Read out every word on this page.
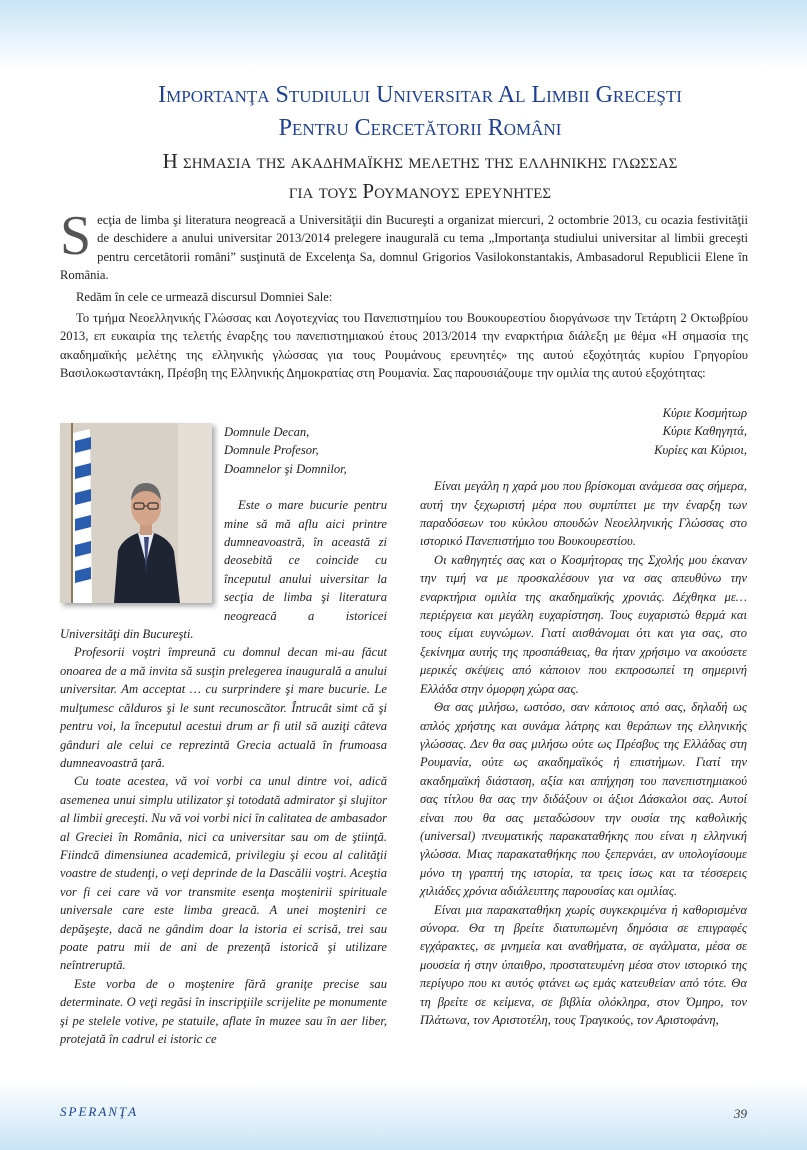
Importanţa Studiului Universitar Al Limbii Greceşti
Pentru Cercetătorii Români
Η σημασια της ακαδημαϊκης μελετης της ελληνικης γλωσσας
για τους Ρουμανους ερευνητες

Secţia de limba şi literatura neogreacă a Universităţii din Bucureşti a organizat miercuri, 2 octombrie 2013, cu ocazia festivităţii de deschidere a anului universitar 2013/2014 prelegere inaugurală cu tema „Importanţa studiului universitar al limbii greceşti pentru cercetătorii români” susţinută de Excelenţa Sa, domnul Grigorios Vasilokonstantakis, Ambasadorul Republicii Elene în România.

Redăm în cele ce urmează discursul Domniei Sale:

Το τμήμα Νεοελληνικής Γλώσσας και Λογοτεχνίας του Πανεπιστημίου του Βουκουρεστίου διοργάνωσε την Τετάρτη 2 Οκτωβρίου 2013, επ ευκαιρία της τελετής έναρξης του πανεπιστημιακού έτους 2013/2014 την εναρκτήρια διάλεξη με θέμα «Η σημασία της ακαδημαϊκής μελέτης της ελληνικής γλώσσας για τους Ρουμάνους ερευνητές» της αυτού εξοχότητάς κυρίου Γρηγορίου Βασιλοκωσταντάκη, Πρέσβη της Ελληνικής Δημοκρατίας στη Ρουμανία. Σας παρουσιάζουμε την ομιλία της αυτού εξοχότητας:

Domnule Decan,

Domnule Profesor,

Doamnelor şi Domnilor,

Este o mare bucurie pentru mine să mă aflu aici printre dumneavoastră, în această zi deosebită ce coincide cu începutul anului uiversitar la secţia de limba şi literatura neogreacă a istoricei Universităţi din Bucureşti.

Profesorii voştri împreună cu domnul decan mi-au făcut onoarea de a mă invita să susţin prelegerea inaugurală a anului universitar. Am acceptat … cu surprindere şi mare bucurie. Le mulţumesc călduros şi le sunt recunoscător. Întrucât simt că şi pentru voi, la începutul acestui drum ar fi util să auziţi câteva gânduri ale celui ce reprezintă Grecia actuală în frumoasa dumneavoastră ţară.

Cu toate acestea, vă voi vorbi ca unul dintre voi, adică asemenea unui simplu utilizator şi totodată admirator şi slujitor al limbii greceşti. Nu vă voi vorbi nici în calitatea de ambasador al Greciei în România, nici ca universitar sau om de ştiinţă. Fiindcă dimensiunea academică, privilegiu şi ecou al calităţii voastre de studenţi, o veţi deprinde de la Dascălii voştri. Aceştia vor fi cei care vă vor transmite esenţa moştenirii spirituale universale care este limba greacă. A unei moşteniri ce depăşeşte, dacă ne gândim doar la istoria ei scrisă, trei sau poate patru mii de ani de prezenţă istorică şi utilizare neîntreruptă.

Este vorba de o moştenire fără graniţe precise sau determinate. O veţi regăsi în inscripţiile scrijelite pe monumente şi pe stelele votive, pe statuile, aflate în muzee sau în aer liber, protejată în cadrul ei istoric ce

Κύριε Κοσμήτωρ

Κύριε Καθηγητά,

Κυρίες και Κύριοι,

Είναι μεγάλη η χαρά μου που βρίσκομαι ανάμεσα σας σήμερα, αυτή την ξεχωριστή μέρα που συμπίπτει με την έναρξη των παραδόσεων του κύκλου σπουδών Νεοελληνικής Γλώσσας στο ιστορικό Πανεπιστήμιο του Βουκουρεστίου.

Οι καθηγητές σας και ο Κοσμήτορας της Σχολής μου έκαναν την τιμή να με προσκαλέσουν για να σας απευθύνω την εναρκτήρια ομιλία της ακαδημαϊκής χρονιάς. Δέχθηκα με…περιέργεια και μεγάλη ευχαρίστηση. Τους ευχαριστώ θερμά και τους είμαι ευγνώμων. Γιατί αισθάνομαι ότι και για σας, στο ξεκίνημα αυτής της προσπάθειας, θα ήταν χρήσιμο να ακούσετε μερικές σκέψεις από κάποιον που εκπροσωπεί τη σημερινή Ελλάδα στην όμορφη χώρα σας.

Θα σας μιλήσω, ωστόσο, σαν κάποιος από σας, δηλαδή ως απλός χρήστης και συνάμα λάτρης και θεράπων της ελληνικής γλώσσας. Δεν θα σας μιλήσω ούτε ως Πρέσβυς της Ελλάδας στη Ρουμανία, ούτε ως ακαδημαϊκός ή επιστήμων. Γιατί την ακαδημαϊκή διάσταση, αξία και απήχηση του πανεπιστημιακού σας τίτλου θα σας την διδάξουν οι άξιοι Δάσκαλοι σας. Αυτοί είναι που θα σας μεταδώσουν την ουσία της καθολικής (universal) πνευματικής παρακαταθήκης που είναι η ελληνική γλώσσα. Μιας παρακαταθήκης που ξεπερνάει, αν υπολογίσουμε μόνο τη γραπτή της ιστορία, τα τρεις ίσως και τα τέσσερεις χιλιάδες χρόνια αδιάλειπτης παρουσίας και ομιλίας.

Είναι μια παρακαταθήκη χωρίς συγκεκριμένα ή καθορισμένα σύνορα. Θα τη βρείτε διατυπωμένη δημόσια σε επιγραφές εγχάρακτες, σε μνημεία και αναθήματα, σε αγάλματα, μέσα σε μουσεία ή στην ύπαιθρο, προστατευμένη μέσα στον ιστορικό της περίγυρο που κι αυτός φτάνει ως εμάς κατευθείαν από τότε. Θα τη βρείτε σε κείμενα, σε βιβλία ολόκληρα, στον Όμηρο, τον Πλάτωνα, τον Αριστοτέλη, τους Τραγικούς, τον Αριστοφάνη,

SPERANŢA	39
